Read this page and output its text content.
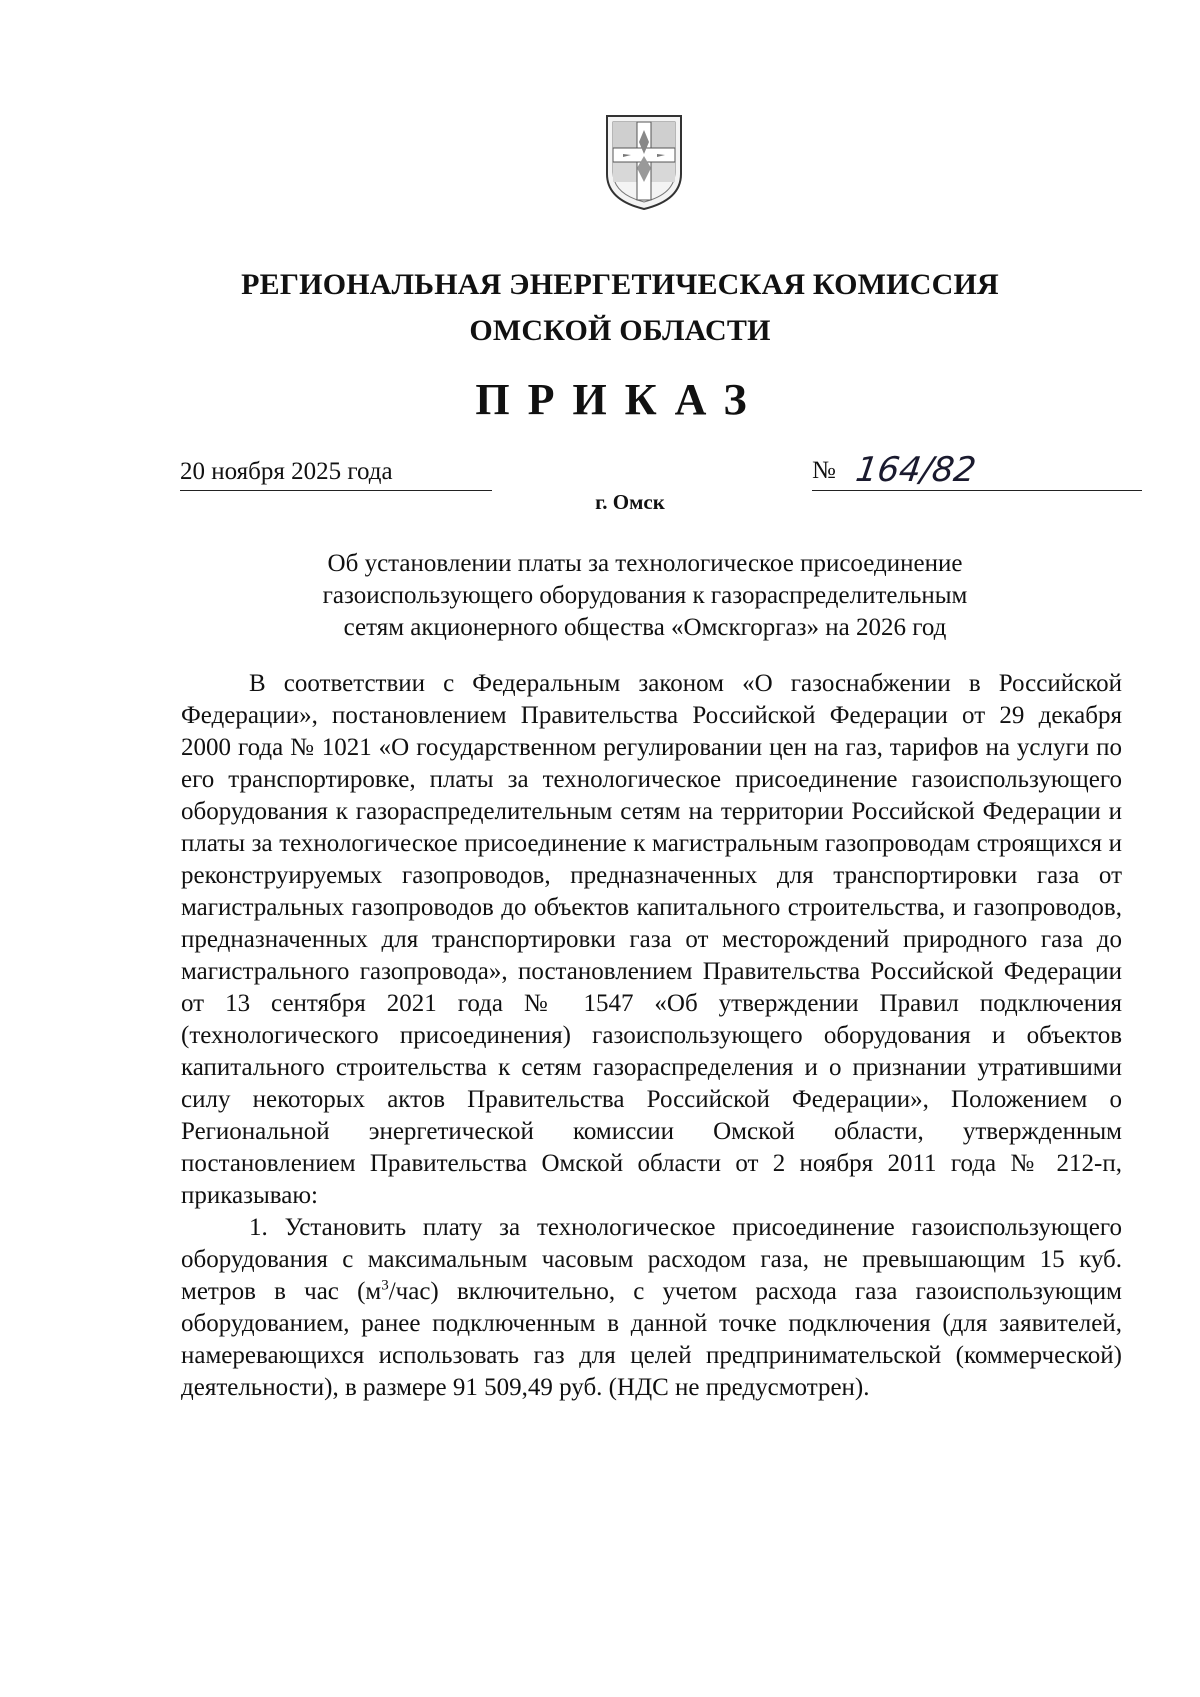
РЕГИОНАЛЬНАЯ ЭНЕРГЕТИЧЕСКАЯ КОМИССИЯ
ОМСКОЙ ОБЛАСТИ
ПРИКАЗ
20 ноября 2025 года	№ 164/82
г. Омск
Об установлении платы за технологическое присоединение
газоиспользующего оборудования к газораспределительным
сетям акционерного общества «Омскгоргаз» на 2026 год

В соответствии с Федеральным законом «О газоснабжении в Российской Федерации», постановлением Правительства Российской Федерации от 29 декабря 2000 года № 1021 «О государственном регулировании цен на газ, тарифов на услуги по его транспортировке, платы за технологическое присоединение газоиспользующего оборудования к газораспределительным сетям на территории Российской Федерации и платы за технологическое присоединение к магистральным газопроводам строящихся и реконструируемых газопроводов, предназначенных для транспортировки газа от магистральных газопроводов до объектов капитального строительства, и газопроводов, предназначенных для транспортировки газа от месторождений природного газа до магистрального газопровода», постановлением Правительства Российской Федерации от 13 сентября 2021 года № 1547 «Об утверждении Правил подключения (технологического присоединения) газоиспользующего оборудования и объектов капитального строительства к сетям газораспределения и о признании утратившими силу некоторых актов Правительства Российской Федерации», Положением о Региональной энергетической комиссии Омской области, утвержденным постановлением Правительства Омской области от 2 ноября 2011 года № 212-п, приказываю:

1. Установить плату за технологическое присоединение газоиспользующего оборудования с максимальным часовым расходом газа, не превышающим 15 куб. метров в час $(м^3/час)$ включительно, с учетом расхода газа газоиспользующим оборудованием, ранее подключенным в данной точке подключения (для заявителей, намеревающихся использовать газ для целей предпринимательской (коммерческой) деятельности), в размере 91 509,49 руб. (НДС не предусмотрен).
